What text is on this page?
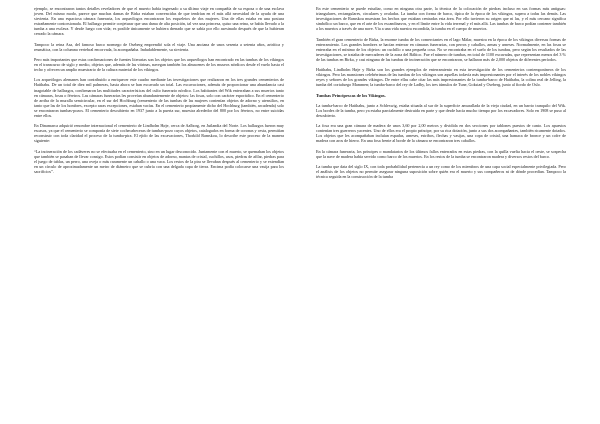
ejemplo, se encontraron tantos detalles reveladores de que el muerto había ingresado a su último viaje en compañía de su esposa o de una esclava joven. Del mismo modo, parece que muchas damas de Birka estaban convencidas de que tendrían en el más allá necesidad de la ayuda de una sirvienta. En una espaciosa cámara funeraria, los arqueólogos encontraron los esqueletos de dos mujeres. Una de ellas estaba en una postura extrañamente contorsionada. El hallazgo permite conjeturar que una dama de alta posición, tal vez una princesa, quiso una reina, se había llevado a la tumba a una esclava. Y desde luego con vida; es posible únicamente se hubiera drenado que se sabía por ello asesinado después de que la hubieran cerrado la cámara.

Tampoco la reina Asa, del famoso barco normego de Oseberg emprendió sola el viaje. Una anciana de unos sesenta a setenta años, artrítica y reumática, con la columna vertebral encorvada, la acompañaba. Indudablemente, su sirvienta.

Pero más importantes que estas confirmaciones de fuentes literarias son los objetos que los arqueólogos han encontrado en las tumbas de los vikingos en el transcurso de siglo y medio, objetos que, además de las vitrinas, navegan también los almacenes de los museos nórdicos desde el vuelo hasta el techo y ofrecen un amplio muestrario de la cultura material de los vikingos.

Los arqueólogos alemanes han contribuido a enriquecer este cuadro mediante las investigaciones que realizaron en los tres grandes cementerios de Haithabu. De un total de diez mil palmeras, hasta ahora se han excavado un total. Las excavaciones, además de proporcionar una abundancia casi inagotable de hallazgos, confirmaron las multitudes características del culto funerario nórdico. Los habitantes del Wik enterraban a sus muertos tanto en cámaras, fosas o féretros. Las cámaras funerarias les proveían abundantemente de objetos: las fosas, solo con carácter esporádico. En el cementerio de arriba de la muralla semicircular, en el sur del Hochburg (cementerio de las tumbas de las mujeres contenían objetos de adorno y utensilios, en tanto que las de los hombres, excepto raras excepciones, estaban vacías. En el cementerio propiamente dicho del Hochburg (también, arcadenda) solo se encontraron tumbas-pozos. El cementerio descubierto en 1937 junto a la puerta sur, muestra alrededor del 800 por los féretros, no entre suicidas entre ellos.

En Dinamarca adquirió renombre internacional el cementerio de Lindholm Høje, cerca de Aalborg, en Jutlandia del Norte. Los hallazgos fueron muy escasos, ya que el cementerio se componía de siete cochecabeceras de tumbas-pozo cuyos objetos, catalogados en forma de coronas y cesta, permitían reconstruir con toda claridad el proceso de la tumba-pira. El ejido de las excavaciones, Thorkild Ramskou, lo describe este proceso de la manera siguiente:

“La incineración de los cadáveres no se efectuaba en el cementerio, sino en un lugar desconocido. Juntamente con el muerto, se quemaban los objetos que también se pasaban de llevar consigo. Estos podían consistir en objetos de adorno, mantas de cristal, cuchillos, usos, piedras de afilar, piedras para el juego de tablas, un perro, una oveja o más raramente un caballo o una vaca. Los restos de la pira se llevaban después al cementerio y se extendían en un círculo de aproximadamente un metro de diámetro que se cubría con una delgada capa de tierra. Encima podía colocarse una vasija para los sacrificios”.

En este cementerio se puede estudiar, como en ninguna otra parte, la técnica de la colocación de piedras incluso en sus formas más antiguas: triangulares, rectangulares, circulares y ovaladas. La tumba con forma de barco, típica de la época de los vikingos, supera a todas las demás. Las investigaciones de Ramskou muestran los hechos que estaban centradas esta área. Por ello tuvieron su origen que ni las, y el más cercano significa simbólico un barco, que en el arte de los escandinavos, y en el límite entre la vida terrenal y el más allá. Las tumbas de barco podían contener también a los muertos a través de una nave. Vía a una vida nuestra escondida, la tumba en el cuerpo de muertos.

También el gran cementerio de Birka, la enorme tumba de los comerciantes en el lago Mälar, muestra en la época de los vikingos diversas formas de enterramiento. Los grandes hombres se hacían enterrar en cámaras funerarias, con perros y caballos, armas y arneses. Normalmente, en las fosas se enterraba en el mínimo de los objetos: un cuchillo o una pequeña cosa. No se encontraba en el suelo de los tumbas, pero según los resultados de las investigaciones, se trataba de mercaderes de la zona del Báltico. Fue el número de tumbas, en total de 1100 excavadas, que representan menos del 3 % de las tumbas en Birka, y casi ninguna de las tumbas de incineración que se encontraron, se hallaron más de 2,000 objetos de diferentes períodos.

Haithabu, Lindholm Høje y Birka son los grandes ejemplos de enterramiento en esta investigación de los cementerios contemporáneos de los vikingos. Pero las mansiones celebérrimas de las tumbas de los vikingos son aquellas todavía más impresionantes por el interés de los nobles vikingos reyes y señores de los grandes vikingos. De entre ellas cabe citar las más impresionantes de la tumba-barco de Haithabu, la colina real de Jelling, la tumba del cortafuego Mammen; la tumba-barco del rey de Ladby, los tres túmulos de Tune, Gokstad y Oseberg, junto al fiordo de Oslo.

Tumbas Principescas de los Vikingos.

La tumba-barco de Haithabu, junto a Schleswig, estaba situada al sur de la superficie amurallada de la vieja ciudad, en un barrio tranquilo del Wik. Los bordes de la tumba, pero ya estaba parcialmente destruida en parte y que desde hacía mucho tiempo por los excavadores. Solo en 1908 se puso al descubierto.

La fosa era una gran cámara de madera de unos 3,60 por 2,00 metros y dividida en dos secciones por tablones puestos de canto. Los apuestos contenían tres guerreros yacentes. Uno de ellos era el propio príncipe, por su rica dotación, junto a sus dos acompañantes, también ricamente dotados. Los objetos que les acompañaban incluían espadas, arneses, estribos, flechas y vasijas, una copa de cristal, una hamaca de bronce y un cofre de madera con aros de hierro. En una fosa frente al borde de la cámara se encontraron tres caballos.

En la cámara funeraria, los príncipes o mandatarios de los últimos fallos enterrados en estas piedras, con la quilla vuelta hacia el oeste, se sospecha que la nave de madera había servido como barco de los muertos. En los restos de la tumba se encontraron madera y diversos restos del barco.

La tumba que data del siglo IX, con toda probabilidad pertenecía a un rey como de los miembros de una capa social especialmente privilegiada. Pero el análisis de los objetos no permite asegurar ninguna suposición sobre quién era el muerto y sus compañeros ni de dónde procedían. Tampoco la técnica seguida en la construcción de la tumba
